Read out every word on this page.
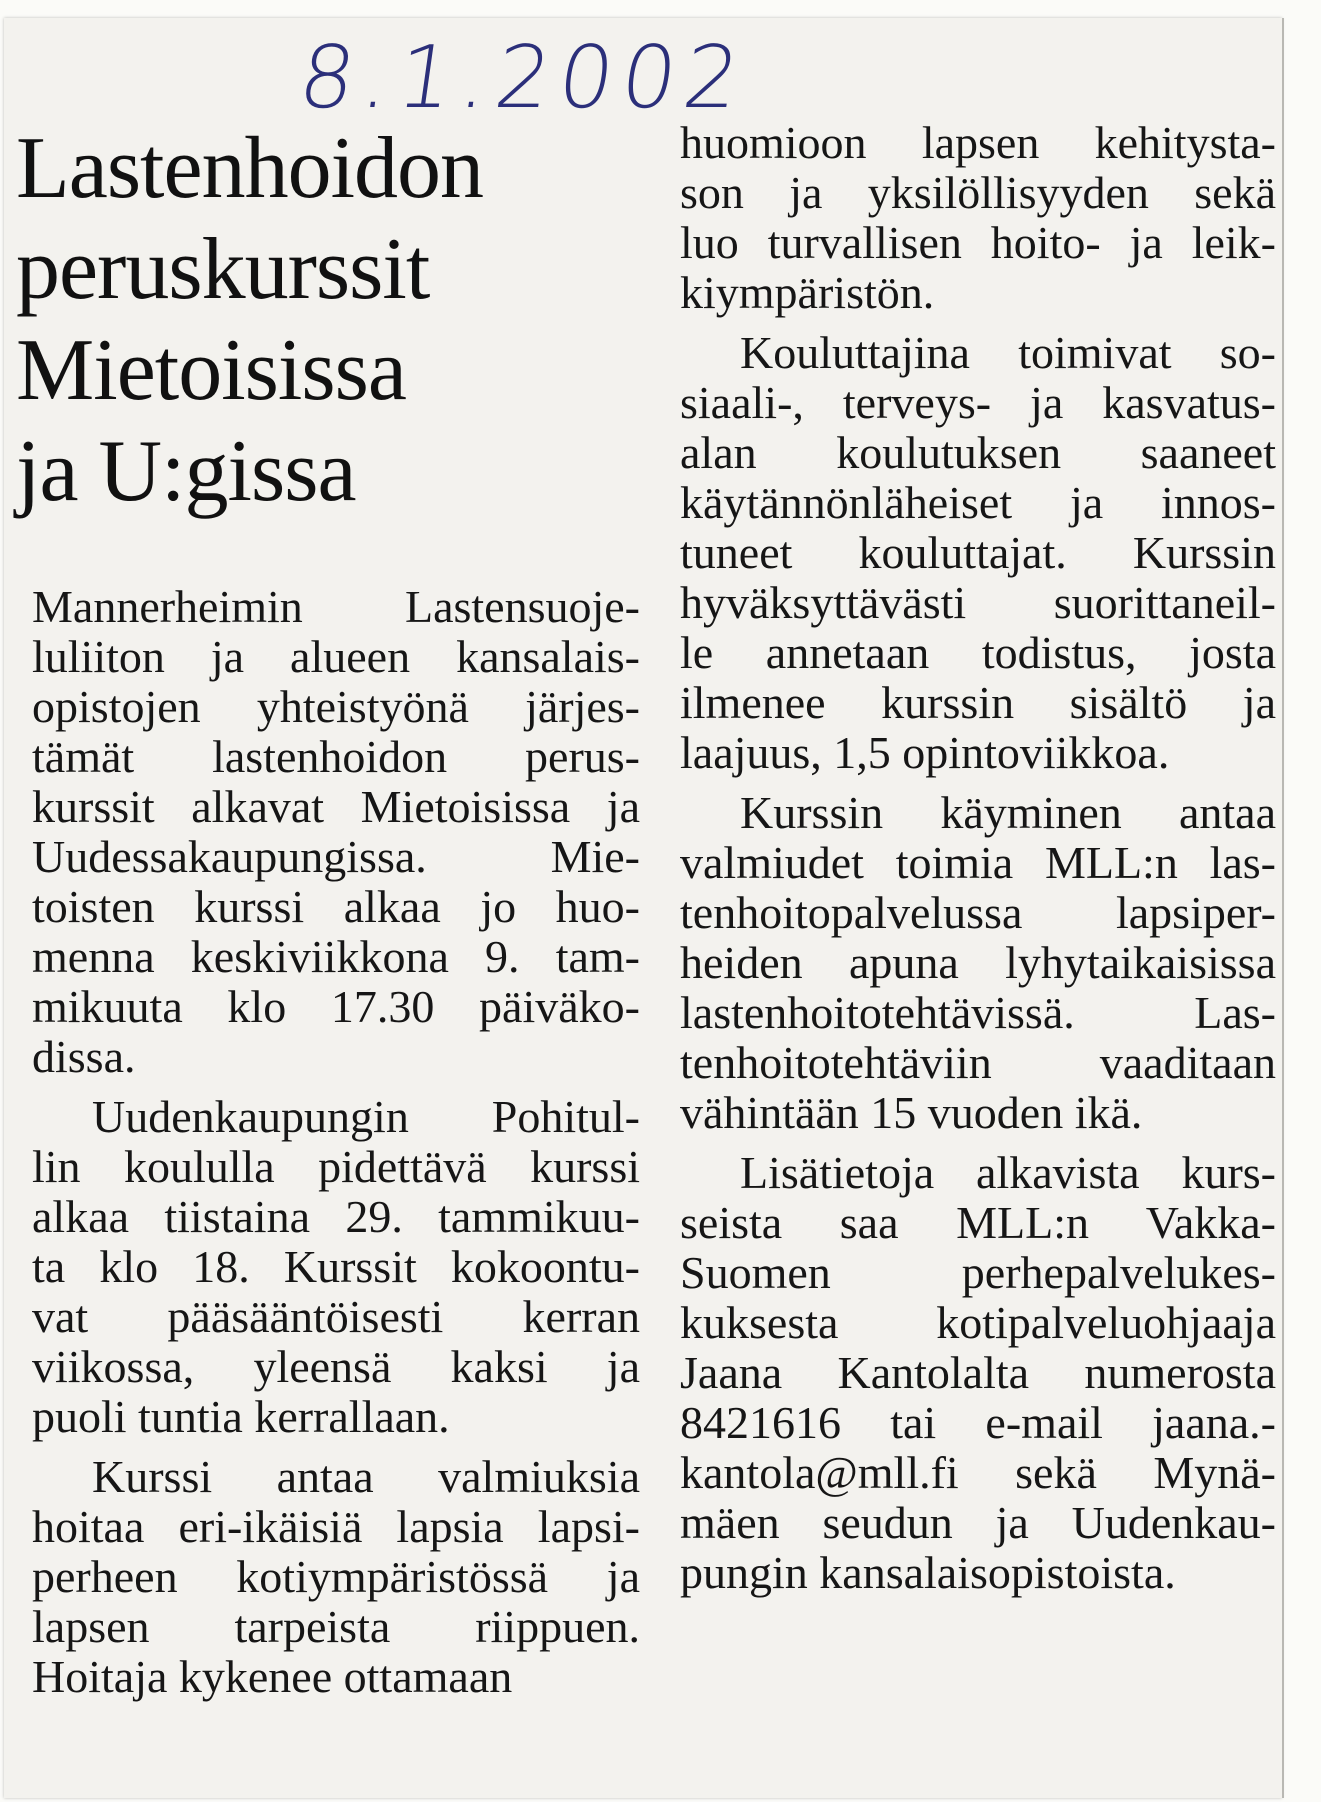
8.1.2002
Lastenhoidon
peruskurssit
Mietoisissa
ja U:gissa

Mannerheimin Lastensuoje-
luliiton ja alueen kansalais-
opistojen yhteistyönä järjes-
tämät lastenhoidon perus-
kurssit alkavat Mietoisissa ja
Uudessakaupungissa. Mie-
toisten kurssi alkaa jo huo-
menna keskiviikkona 9. tam-
mikuuta klo 17.30 päiväko-
dissa.

Uudenkaupungin Pohitul-
lin koululla pidettävä kurssi
alkaa tiistaina 29. tammikuu-
ta klo 18. Kurssit kokoontu-
vat pääsääntöisesti kerran
viikossa, yleensä kaksi ja
puoli tuntia kerrallaan.

Kurssi antaa valmiuksia
hoitaa eri-ikäisiä lapsia lapsi-
perheen kotiympäristössä ja
lapsen tarpeista riippuen.
Hoitaja kykenee ottamaan

huomioon lapsen kehitysta-
son ja yksilöllisyyden sekä
luo turvallisen hoito- ja leik-
kiympäristön.

Kouluttajina toimivat so-
siaali-, terveys- ja kasvatus-
alan koulutuksen saaneet
käytännönläheiset ja innos-
tuneet kouluttajat. Kurssin
hyväksyttävästi suorittaneil-
le annetaan todistus, josta
ilmenee kurssin sisältö ja
laajuus, 1,5 opintoviikkoa.

Kurssin käyminen antaa
valmiudet toimia MLL:n las-
tenhoitopalvelussa lapsiper-
heiden apuna lyhytaikaisissa
lastenhoitotehtävissä. Las-
tenhoitotehtäviin vaaditaan
vähintään 15 vuoden ikä.

Lisätietoja alkavista kurs-
seista saa MLL:n Vakka-
Suomen perhepalvelukes-
kuksesta kotipalveluohjaaja
Jaana Kantolalta numerosta
8421616 tai e-mail jaana.-
kantola@mll.fi sekä Mynä-
mäen seudun ja Uudenkau-
pungin kansalaisopistoista.
